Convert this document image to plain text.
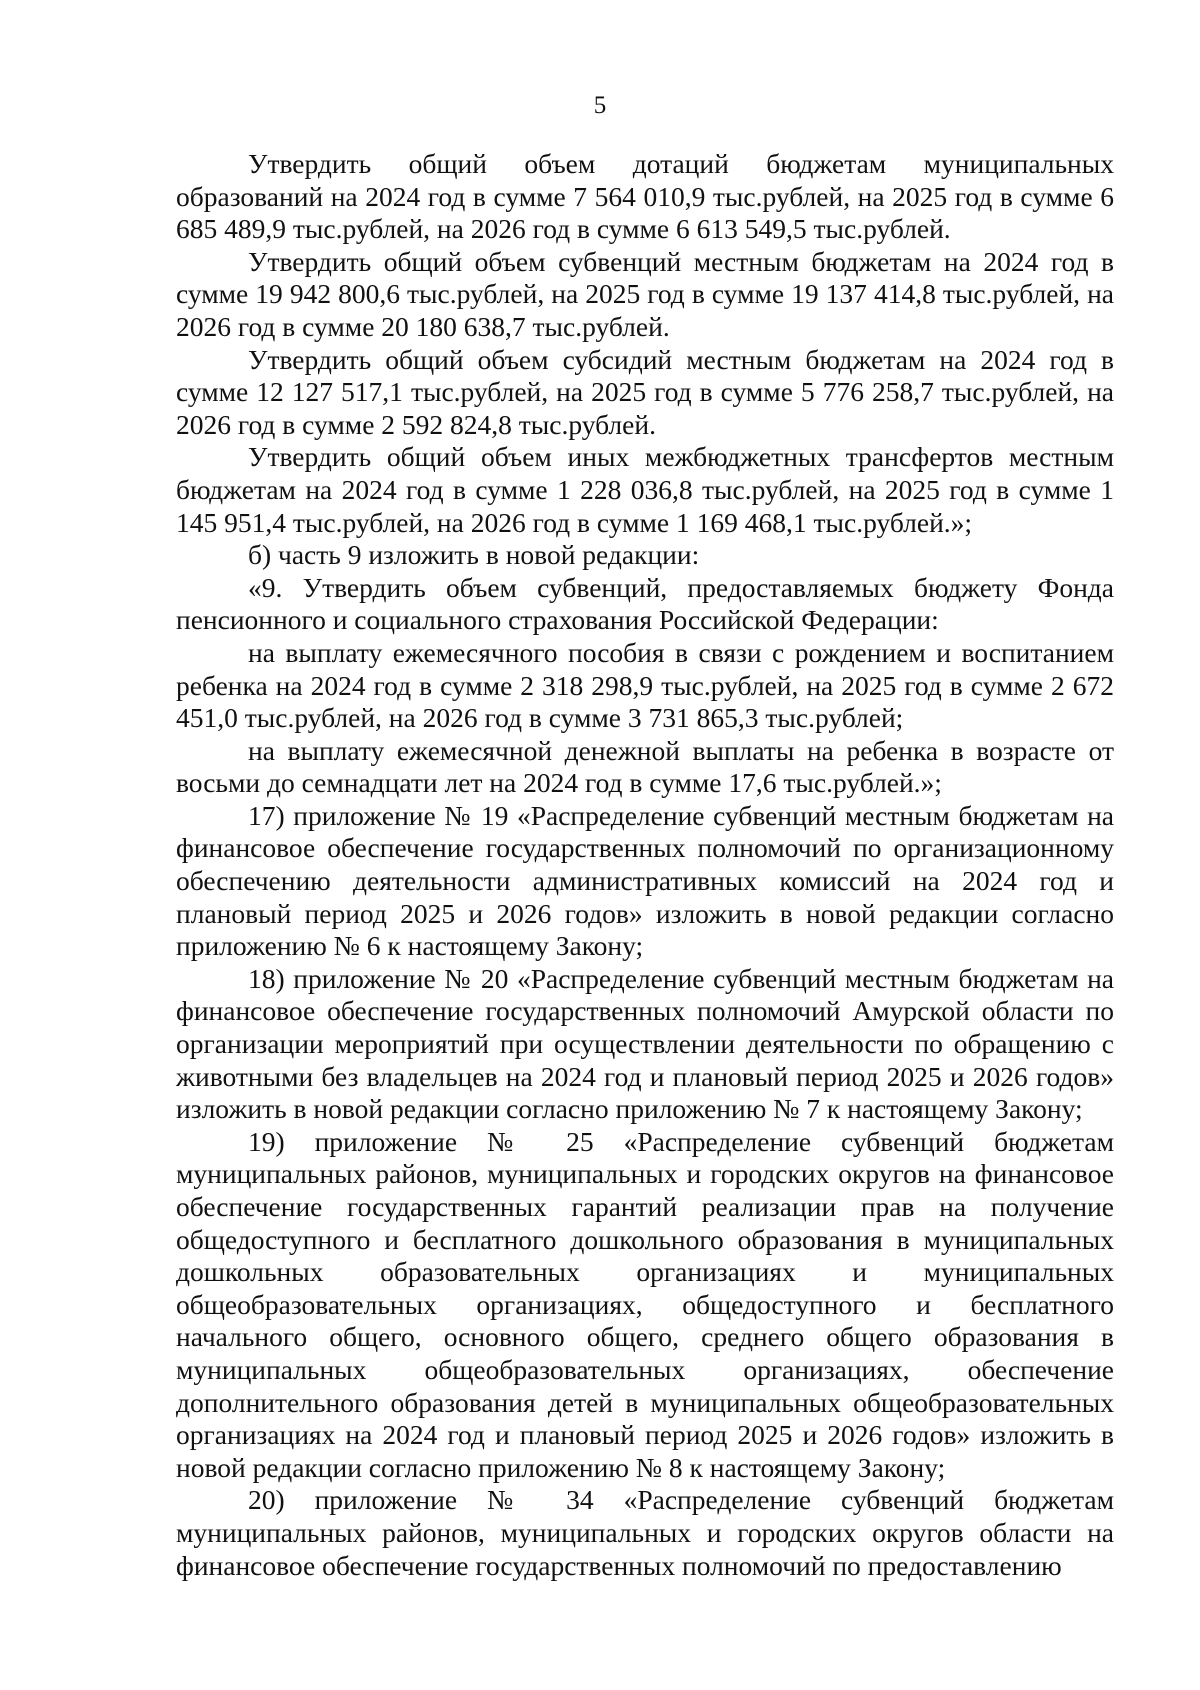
5

Утвердить общий объем дотаций бюджетам муниципальных образований на 2024 год в сумме 7 564 010,9 тыс.рублей, на 2025 год в сумме 6 685 489,9 тыс.рублей, на 2026 год в сумме 6 613 549,5 тыс.рублей.

Утвердить общий объем субвенций местным бюджетам на 2024 год в сумме 19 942 800,6 тыс.рублей, на 2025 год в сумме 19 137 414,8 тыс.рублей, на 2026 год в сумме 20 180 638,7 тыс.рублей.

Утвердить общий объем субсидий местным бюджетам на 2024 год в сумме 12 127 517,1 тыс.рублей, на 2025 год в сумме 5 776 258,7 тыс.рублей, на 2026 год в сумме 2 592 824,8 тыс.рублей.

Утвердить общий объем иных межбюджетных трансфертов местным бюджетам на 2024 год в сумме 1 228 036,8 тыс.рублей, на 2025 год в сумме 1 145 951,4 тыс.рублей, на 2026 год в сумме 1 169 468,1 тыс.рублей.»;

б) часть 9 изложить в новой редакции:

«9. Утвердить объем субвенций, предоставляемых бюджету Фонда пенсионного и социального страхования Российской Федерации:

на выплату ежемесячного пособия в связи с рождением и воспитанием ребенка на 2024 год в сумме 2 318 298,9 тыс.рублей, на 2025 год в сумме 2 672 451,0 тыс.рублей, на 2026 год в сумме 3 731 865,3 тыс.рублей;

на выплату ежемесячной денежной выплаты на ребенка в возрасте от восьми до семнадцати лет на 2024 год в сумме 17,6 тыс.рублей.»;

17) приложение № 19 «Распределение субвенций местным бюджетам на финансовое обеспечение государственных полномочий по организационному обеспечению деятельности административных комиссий на 2024 год и плановый период 2025 и 2026 годов» изложить в новой редакции согласно приложению № 6 к настоящему Закону;

18) приложение № 20 «Распределение субвенций местным бюджетам на финансовое обеспечение государственных полномочий Амурской области по организации мероприятий при осуществлении деятельности по обращению с животными без владельцев на 2024 год и плановый период 2025 и 2026 годов» изложить в новой редакции согласно приложению № 7 к настоящему Закону;

19) приложение № 25 «Распределение субвенций бюджетам муниципальных районов, муниципальных и городских округов на финансовое обеспечение государственных гарантий реализации прав на получение общедоступного и бесплатного дошкольного образования в муниципальных дошкольных образовательных организациях и муниципальных общеобразовательных организациях, общедоступного и бесплатного начального общего, основного общего, среднего общего образования в муниципальных общеобразовательных организациях, обеспечение дополнительного образования детей в муниципальных общеобразовательных организациях на 2024 год и плановый период 2025 и 2026 годов» изложить в новой редакции согласно приложению № 8 к настоящему Закону;

20) приложение № 34 «Распределение субвенций бюджетам муниципальных районов, муниципальных и городских округов области на финансовое обеспечение государственных полномочий по предоставлению
